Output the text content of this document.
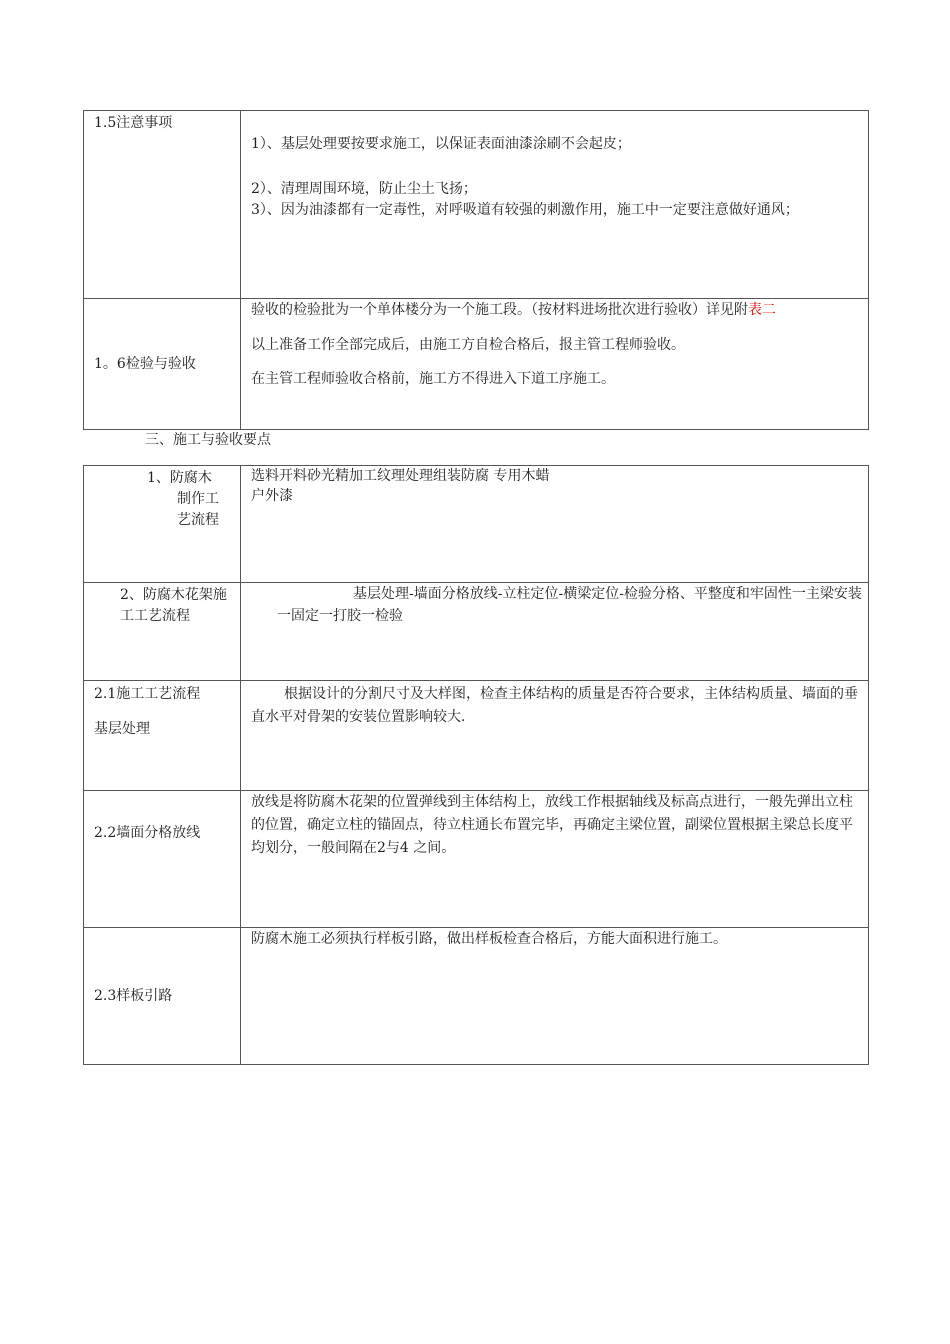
1.5注意事项	1）、基层处理要按要求施工，以保证表面油漆涂刷不会起皮；
2）、清理周围环境，防止尘土飞扬；
3）、因为油漆都有一定毒性，对呼吸道有较强的刺激作用，施工中一定要注意做好通风；

1。6检验与验收	验收的检验批为一个单体楼分为一个施工段。（按材料进场批次进行验收）详见附表二
以上准备工作全部完成后，由施工方自检合格后，报主管工程师验收。
在主管工程师验收合格前，施工方不得进入下道工序施工。
三、施工与验收要点
1、防腐木
制作工
艺流程	选料开料砂光精加工纹理处理组装防腐 专用木蜡户外漆

2、防腐木花架施
工工艺流程	基层处理-墙面分格放线-立柱定位-横梁定位-检验分格、平整度和牢固性一主梁安装一固定一打胶一检验

2.1施工工艺流程
基层处理	根据设计的分割尺寸及大样图，检查主体结构的质量是否符合要求，主体结构质量、墙面的垂直水平对骨架的安装位置影响较大.

2.2墙面分格放线	放线是将防腐木花架的位置弹线到主体结构上，放线工作根据轴线及标高点进行，一般先弹出立柱的位置，确定立柱的锚固点，待立柱通长布置完毕，再确定主梁位置，副梁位置根据主梁总长度平均划分，一般间隔在2与4 之间。

2.3样板引路	防腐木施工必须执行样板引路，做出样板检查合格后，方能大面积进行施工。
